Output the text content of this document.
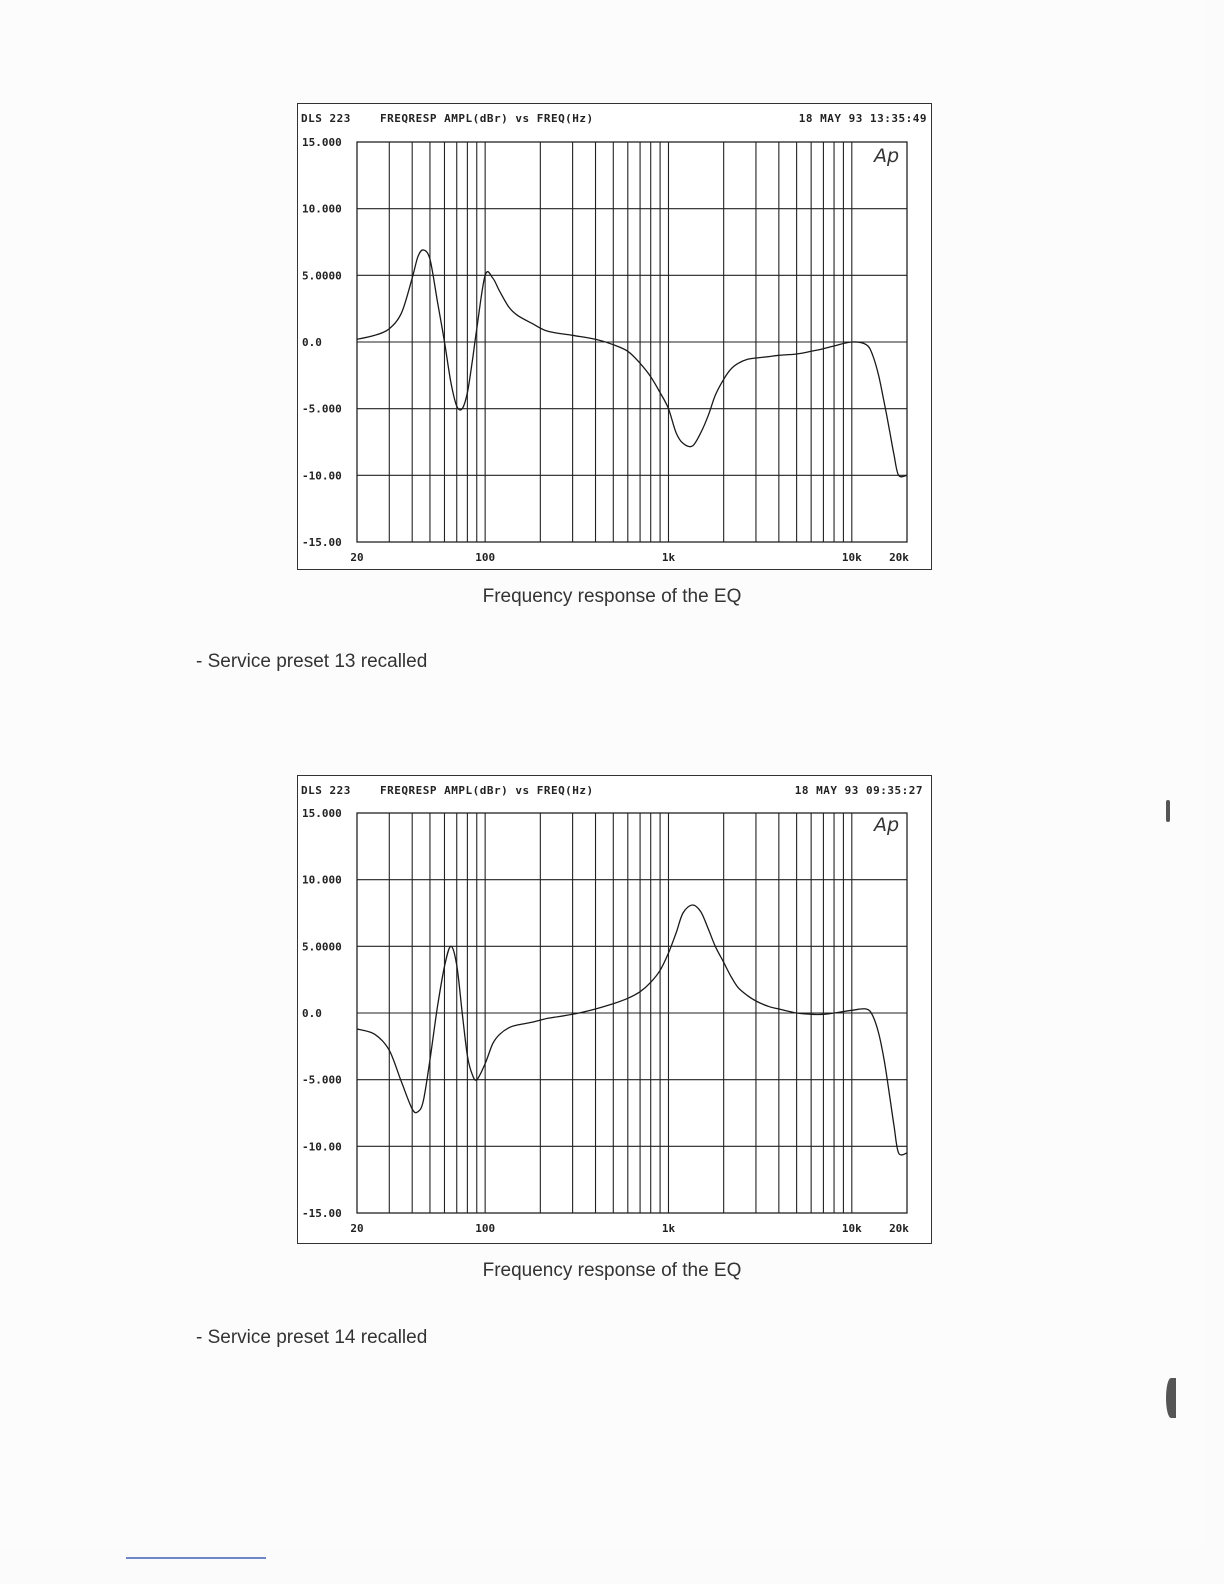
15.000
10.000
5.0000
0.0
-5.000
-10.00
-15.00
20	100	1k	10k 20k
DLS 223	FREQRESP AMPL(dBr) vs FREQ(Hz)	18 MAY 93 13:35:49
Ap
Frequency response of the EQ
- Service preset 13 recalled
15.000
10.000
5.0000
0.0
-5.000
-10.00
-15.00
20	100	1k	10k 20k
DLS 223	FREQRESP AMPL(dBr) vs FREQ(Hz)	18 MAY 93 09:35:27
Ap
Frequency response of the EQ
- Service preset 14 recalled
